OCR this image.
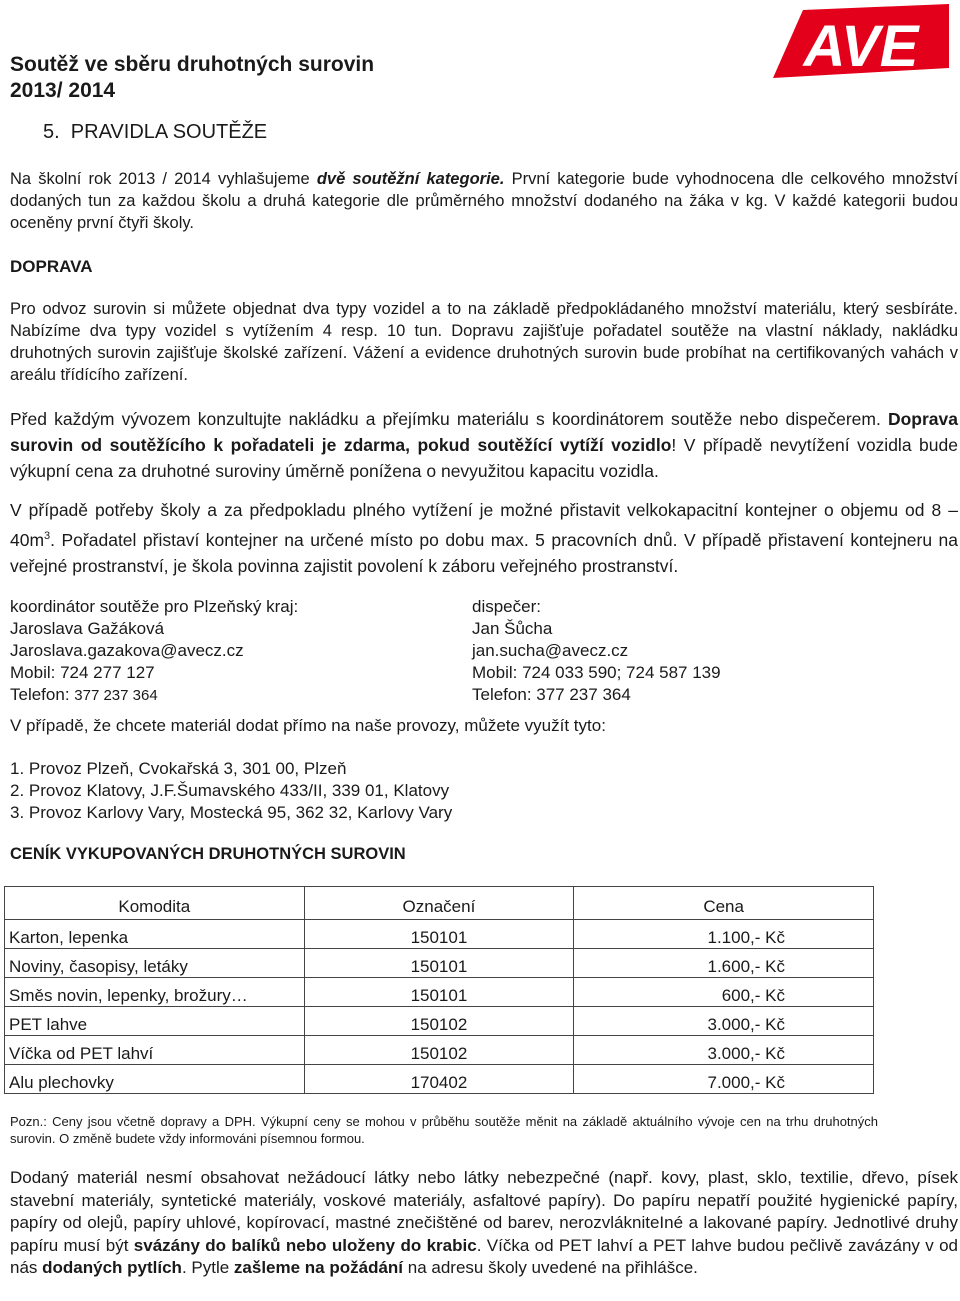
AVE

Soutěž ve sběru druhotných surovin

2013/ 2014

5.  PRAVIDLA SOUTĚŽE

Na školní rok 2013 / 2014 vyhlašujeme dvě soutěžní kategorie. První kategorie bude vyhodnocena dle celkového množství dodaných tun za každou školu a druhá kategorie dle průměrného množství dodaného na žáka v kg. V každé kategorii budou oceněny první čtyři školy.

DOPRAVA

Pro odvoz surovin si můžete objednat dva typy vozidel a to na základě předpokládaného množství materiálu, který sesbíráte. Nabízíme dva typy vozidel s vytížením 4 resp. 10 tun. Dopravu zajišťuje pořadatel soutěže na vlastní náklady, nakládku druhotných surovin zajišťuje školské zařízení. Vážení a evidence druhotných surovin bude probíhat na certifikovaných vahách v areálu třídícího zařízení.

Před každým vývozem konzultujte nakládku a přejímku materiálu s koordinátorem soutěže nebo dispečerem. Doprava surovin od soutěžícího k pořadateli je zdarma, pokud soutěžící vytíží vozidlo! V případě nevytížení vozidla bude výkupní cena za druhotné suroviny úměrně ponížena o nevyužitou kapacitu vozidla.

V případě potřeby školy a za předpokladu plného vytížení je možné přistavit velkokapacitní kontejner o objemu od $8 - 40m^3$. Pořadatel přistaví kontejner na určené místo po dobu max. 5 pracovních dnů. V případě přistavení kontejneru na veřejné prostranství, je škola povinna zajistit povolení k záboru veřejného prostranství.

koordinátor soutěže pro Plzeňský kraj:

Jaroslava Gažáková

Jaroslava.gazakova@avecz.cz

Mobil: 724 277 127

Telefon: 377 237 364

dispečer:

Jan Šůcha

jan.sucha@avecz.cz

Mobil: 724 033 590; 724 587 139

Telefon: 377 237 364

V případě, že chcete materiál dodat přímo na naše provozy, můžete využít tyto:

1. Provoz Plzeň, Cvokařská 3, 301 00, Plzeň

2. Provoz Klatovy, J.F.Šumavského 433/II, 339 01, Klatovy

3. Provoz Karlovy Vary, Mostecká 95, 362 32, Karlovy Vary

CENÍK VYKUPOVANÝCH DRUHOTNÝCH SUROVIN

Komodita	Označení	Cena
Karton, lepenka	150101	1.100,- Kč
Noviny, časopisy, letáky	150101	1.600,- Kč
Směs novin, lepenky, brožury…	150101	600,- Kč
PET lahve	150102	3.000,- Kč
Víčka od PET lahví	150102	3.000,- Kč
Alu plechovky	170402	7.000,- Kč

Pozn.: Ceny jsou včetně dopravy a DPH. Výkupní ceny se mohou v průběhu soutěže měnit na základě aktuálního vývoje cen na trhu druhotných surovin. O změně budete vždy informováni písemnou formou.

Dodaný materiál nesmí obsahovat nežádoucí látky nebo látky nebezpečné (např. kovy, plast, sklo, textilie, dřevo, písek stavební materiály, syntetické materiály, voskové materiály, asfaltové papíry). Do papíru nepatří použité hygienické papíry, papíry od olejů, papíry uhlové, kopírovací, mastné znečištěné od barev, nerozvlákniteIné a lakované papíry. Jednotlivé druhy papíru musí být svázány do balíků nebo uloženy do krabic. Víčka od PET lahví a PET lahve budou pečlivě zavázány v od nás dodaných pytlích. Pytle zašleme na požádání na adresu školy uvedené na přihlášce.
